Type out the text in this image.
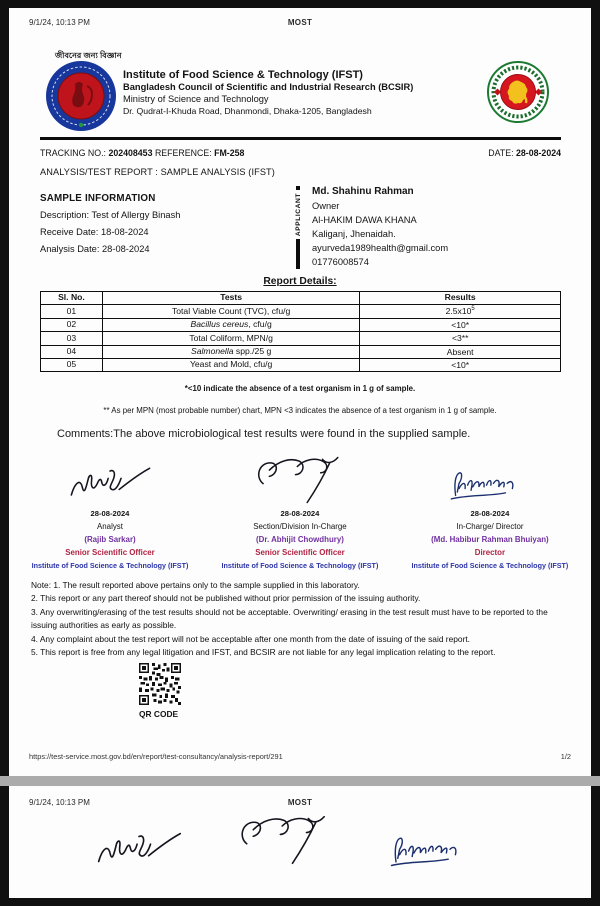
9/1/24, 10:13 PM	MOST
জীবনের জন্য বিজ্ঞান
Institute of Food Science & Technology (IFST)
Bangladesh Council of Scientific and Industrial Research (BCSIR)
Ministry of Science and Technology
Dr. Qudrat-I-Khuda Road, Dhanmondi, Dhaka-1205, Bangladesh
TRACKING NO.: 202408453 REFERENCE: FM-258	DATE: 28-08-2024
ANALYSIS/TEST REPORT : SAMPLE ANALYSIS (IFST)
SAMPLE INFORMATION
Description: Test of Allergy Binash
Receive Date: 18-08-2024
Analysis Date: 28-08-2024
APPLICANT
Md. Shahinu Rahman
Owner
Al-HAKIM DAWA KHANA
Kaliganj, Jhenaidah.
ayurveda1989health@gmail.com
01776008574
Report Details:
Sl. No.	Tests	Results
01	Total Viable Count (TVC), cfu/g	$2.5x10^5$
02	Bacillus cereus, cfu/g	<10*
03	Total Coliform, MPN/g	<3**
04	Salmonella spp./25 g	Absent
05	Yeast and Mold, cfu/g	<10*
*<10 indicate the absence of a test organism in 1 g of sample.
** As per MPN (most probable number) chart, MPN <3 indicates the absence of a test organism in 1 g of sample.
Comments:The above microbiological test results were found in the supplied sample.
28-08-2024
Analyst
(Rajib Sarkar)
Senior Scientific Officer
Institute of Food Science & Technology (IFST)
28-08-2024
Section/Division In-Charge
(Dr. Abhijit Chowdhury)
Senior Scientific Officer
Institute of Food Science & Technology (IFST)
28-08-2024
In-Charge/ Director
(Md. Habibur Rahman Bhuiyan)
Director
Institute of Food Science & Technology (IFST)
Note: 1. The result reported above pertains only to the sample supplied in this laboratory.
2. This report or any part thereof should not be published without prior permission of the issuing authority.
3. Any overwriting/erasing of the test results should not be acceptable. Overwriting/ erasing in the test result must have to be reported to the issuing authorities as early as possible.
4. Any complaint about the test report will not be acceptable after one month from the date of issuing of the said report.
5. This report is free from any legal litigation and IFST, and BCSIR are not liable for any legal implication relating to the report.
QR CODE
https://test-service.most.gov.bd/en/report/test-consultancy/analysis-report/291	1/2
9/1/24, 10:13 PM	MOST
